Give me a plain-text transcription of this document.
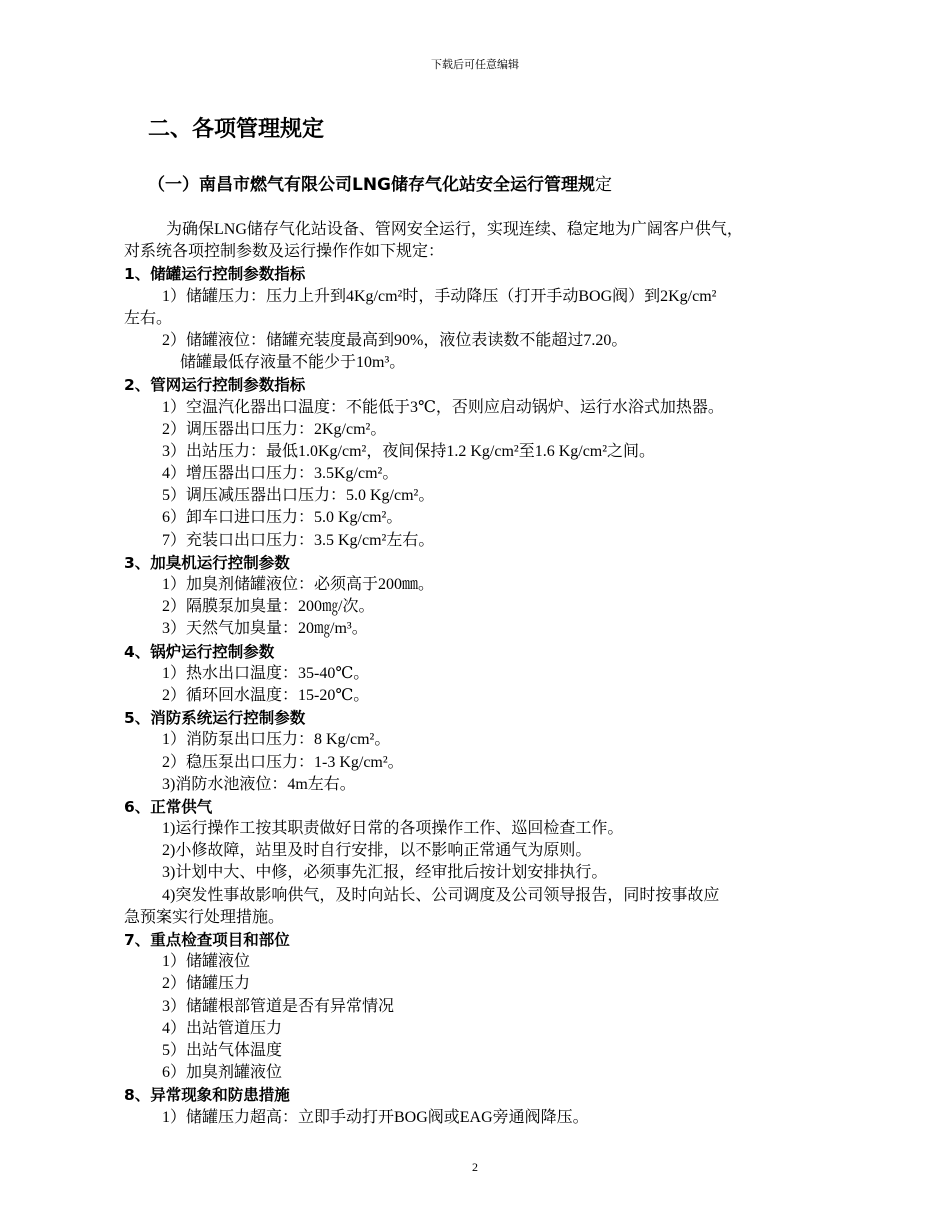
下载后可任意编辑
二、各项管理规定
（一）南昌市燃气有限公司LNG储存气化站安全运行管理规定
为确保LNG储存气化站设备、管网安全运行，实现连续、稳定地为广阔客户供气，
对系统各项控制参数及运行操作作如下规定：
1、储罐运行控制参数指标
1）储罐压力：压力上升到4Kg/cm²时，手动降压（打开手动BOG阀）到2Kg/cm²
左右。
2）储罐液位：储罐充装度最高到90%，液位表读数不能超过7.20。
储罐最低存液量不能少于10m³。
2、管网运行控制参数指标
1）空温汽化器出口温度：不能低于3℃，否则应启动锅炉、运行水浴式加热器。
2）调压器出口压力：2Kg/cm²。
3）出站压力：最低1.0Kg/cm²，夜间保持1.2 Kg/cm²至1.6 Kg/cm²之间。
4）增压器出口压力：3.5Kg/cm²。
5）调压减压器出口压力：5.0 Kg/cm²。
6）卸车口进口压力：5.0 Kg/cm²。
7）充装口出口压力：3.5 Kg/cm²左右。
3、加臭机运行控制参数
1）加臭剂储罐液位：必须高于200㎜。
2）隔膜泵加臭量：200㎎/次。
3）天然气加臭量：20㎎/m³。
4、锅炉运行控制参数
1）热水出口温度：35-40℃。
2）循环回水温度：15-20℃。
5、消防系统运行控制参数
1）消防泵出口压力：8 Kg/cm²。
2）稳压泵出口压力：1-3 Kg/cm²。
3)消防水池液位：4m左右。
6、正常供气
1)运行操作工按其职责做好日常的各项操作工作、巡回检查工作。
2)小修故障，站里及时自行安排，以不影响正常通气为原则。
3)计划中大、中修，必须事先汇报，经审批后按计划安排执行。
4)突发性事故影响供气，及时向站长、公司调度及公司领导报告，同时按事故应
急预案实行处理措施。
7、重点检查项目和部位
1）储罐液位
2）储罐压力
3）储罐根部管道是否有异常情况
4）出站管道压力
5）出站气体温度
6）加臭剂罐液位
8、异常现象和防患措施
1）储罐压力超高：立即手动打开BOG阀或EAG旁通阀降压。
2
